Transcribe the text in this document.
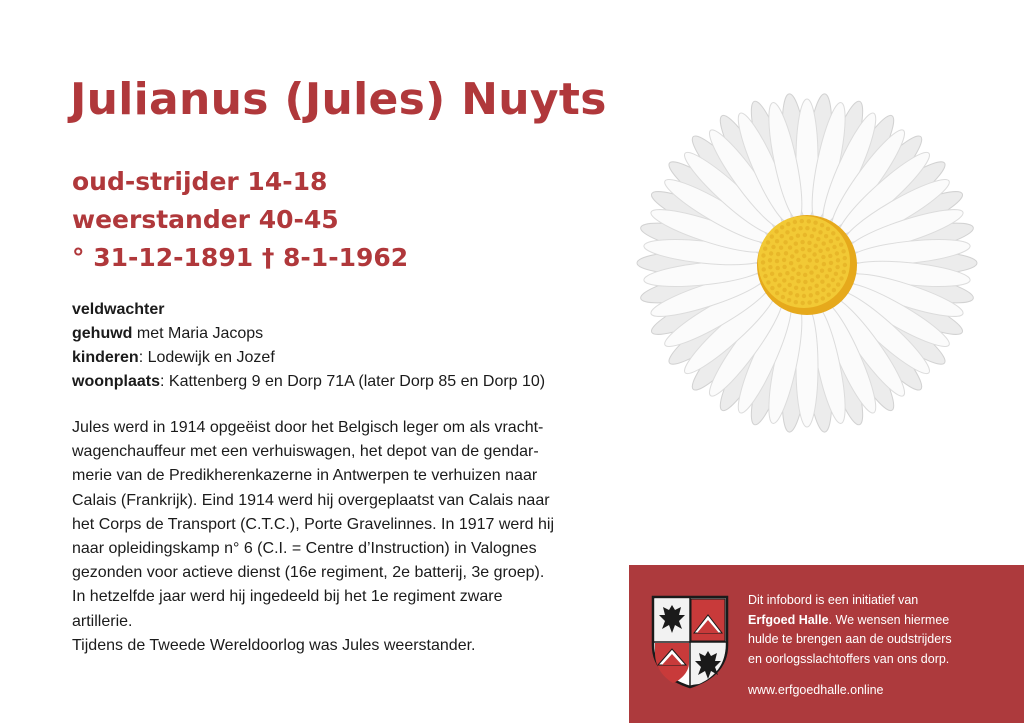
Julianus (Jules) Nuyts
oud-strijder 14-18
weerstander 40-45
° 31-12-1891 † 8-1-1962
veldwachter
gehuwd met Maria Jacops
kinderen: Lodewijk en Jozef
woonplaats: Kattenberg 9 en Dorp 71A (later Dorp 85 en Dorp 10)
Jules werd in 1914 opgeëist door het Belgisch leger om als vracht-
wagenchauffeur met een verhuiswagen, het depot van de gendar-
merie van de Predikherenkazerne in Antwerpen te verhuizen naar
Calais (Frankrijk). Eind 1914 werd hij overgeplaatst van Calais naar
het Corps de Transport (C.T.C.), Porte Gravelinnes. In 1917 werd hij
naar opleidingskamp n° 6 (C.I. = Centre d’Instruction) in Valognes
gezonden voor actieve dienst (16e regiment, 2e batterij, 3e groep).
In hetzelfde jaar werd hij ingedeeld bij het 1e regiment zware
artillerie.
Tijdens de Tweede Wereldoorlog was Jules weerstander.
Dit infobord is een initiatief van
Erfgoed Halle. We wensen hiermee
hulde te brengen aan de oudstrijders
en oorlogsslachtoffers van ons dorp.
www.erfgoedhalle.online
